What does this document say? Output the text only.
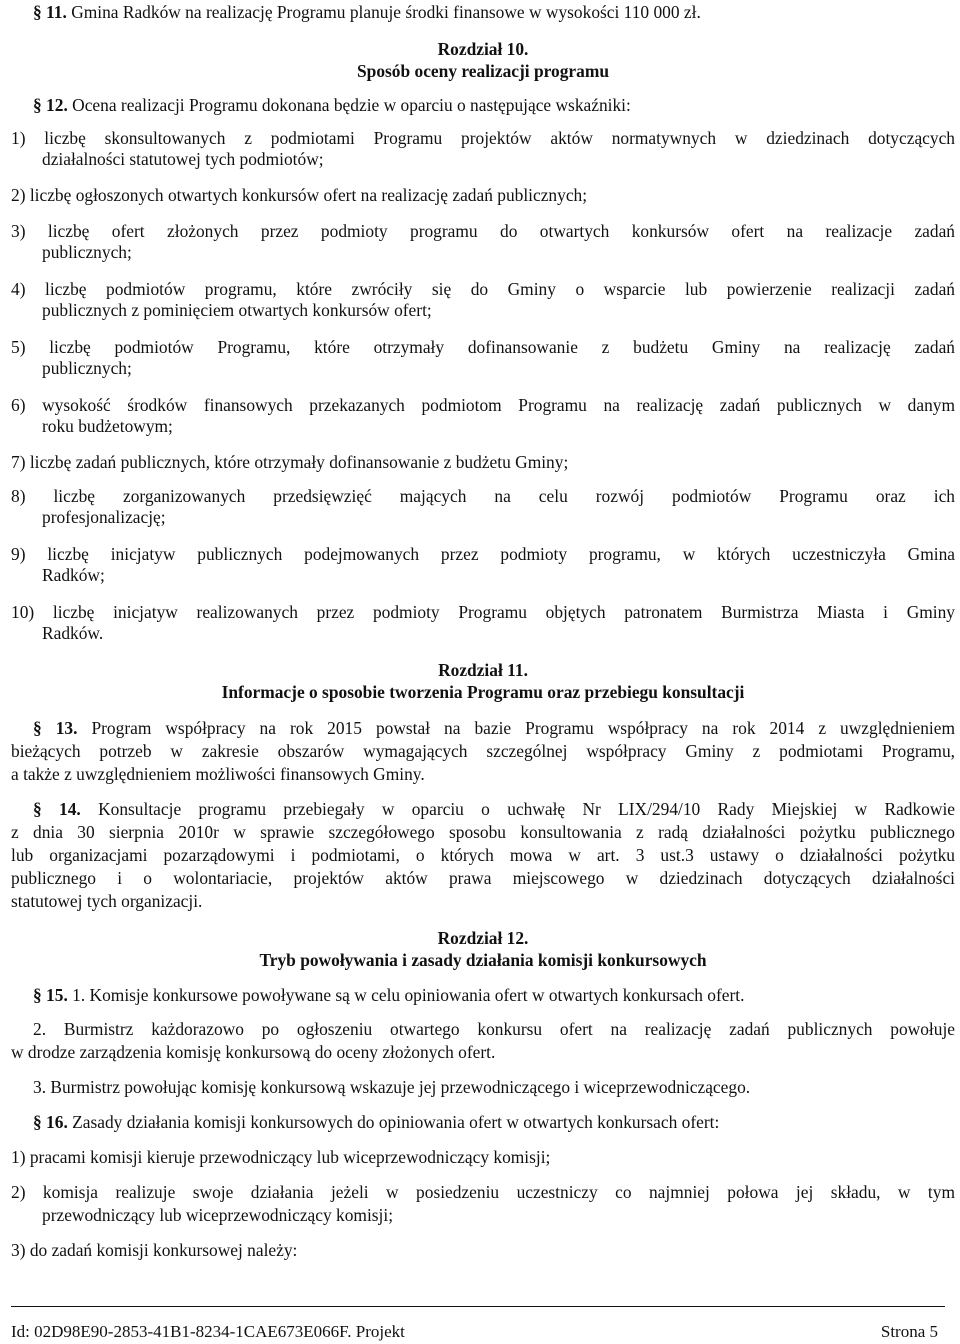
§ 11. Gmina Radków na realizację Programu planuje środki finansowe w wysokości 110 000 zł.
Rozdział 10.
Sposób oceny realizacji programu
§ 12. Ocena realizacji Programu dokonana będzie w oparciu o następujące wskaźniki:
1) liczbę skonsultowanych z podmiotami Programu projektów aktów normatywnych w dziedzinach dotyczących
działalności statutowej tych podmiotów;
2) liczbę ogłoszonych otwartych konkursów ofert na realizację zadań publicznych;
3) liczbę ofert złożonych przez podmioty programu do otwartych konkursów ofert na realizacje zadań
publicznych;
4) liczbę podmiotów programu, które zwróciły się do Gminy o wsparcie lub powierzenie realizacji zadań
publicznych z pominięciem otwartych konkursów ofert;
5) liczbę podmiotów Programu, które otrzymały dofinansowanie z budżetu Gminy na realizację zadań
publicznych;
6) wysokość środków finansowych przekazanych podmiotom Programu na realizację zadań publicznych w danym
roku budżetowym;
7) liczbę zadań publicznych, które otrzymały dofinansowanie z budżetu Gminy;
8) liczbę zorganizowanych przedsięwzięć mających na celu rozwój podmiotów Programu oraz ich
profesjonalizację;
9) liczbę inicjatyw publicznych podejmowanych przez podmioty programu, w których uczestniczyła Gmina
Radków;
10) liczbę inicjatyw realizowanych przez podmioty Programu objętych patronatem Burmistrza Miasta i Gminy
Radków.
Rozdział 11.
Informacje o sposobie tworzenia Programu oraz przebiegu konsultacji
§ 13. Program współpracy na rok 2015 powstał na bazie Programu współpracy na rok 2014 z uwzględnieniem
bieżących potrzeb w zakresie obszarów wymagających szczególnej współpracy Gminy z podmiotami Programu,
a także z uwzględnieniem możliwości finansowych Gminy.
§ 14. Konsultacje programu przebiegały w oparciu o uchwałę Nr LIX/294/10 Rady Miejskiej w Radkowie
z dnia 30 sierpnia 2010r w sprawie szczegółowego sposobu konsultowania z radą działalności pożytku publicznego
lub organizacjami pozarządowymi i podmiotami, o których mowa w art. 3 ust.3 ustawy o działalności pożytku
publicznego i o wolontariacie, projektów aktów prawa miejscowego w dziedzinach dotyczących działalności
statutowej tych organizacji.
Rozdział 12.
Tryb powoływania i zasady działania komisji konkursowych
§ 15. 1. Komisje konkursowe powoływane są w celu opiniowania ofert w otwartych konkursach ofert.
2. Burmistrz każdorazowo po ogłoszeniu otwartego konkursu ofert na realizację zadań publicznych powołuje
w drodze zarządzenia komisję konkursową do oceny złożonych ofert.
3. Burmistrz powołując komisję konkursową wskazuje jej przewodniczącego i wiceprzewodniczącego.
§ 16. Zasady działania komisji konkursowych do opiniowania ofert w otwartych konkursach ofert:
1) pracami komisji kieruje przewodniczący lub wiceprzewodniczący komisji;
2) komisja realizuje swoje działania jeżeli w posiedzeniu uczestniczy co najmniej połowa jej składu, w tym
przewodniczący lub wiceprzewodniczący komisji;
3) do zadań komisji konkursowej należy:
Id: 02D98E90-2853-41B1-8234-1CAE673E066F. Projekt	Strona 5
